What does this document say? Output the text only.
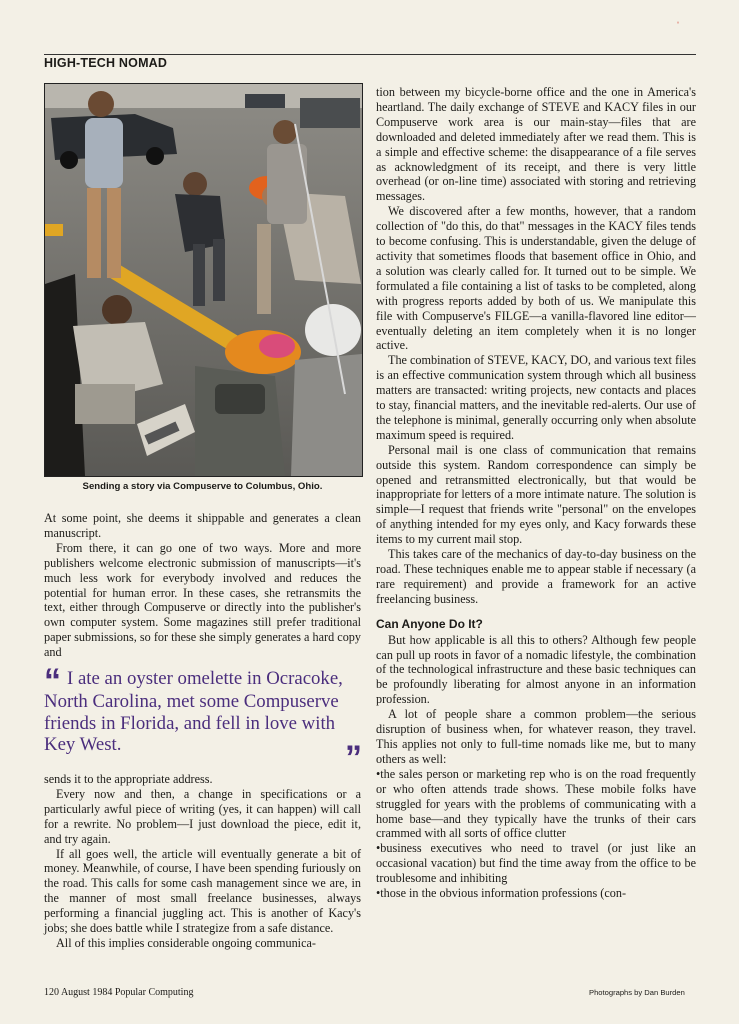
ˈ
HIGH-TECH NOMAD
Sending a story via Compuserve to Columbus, Ohio.

At some point, she deems it shippable and generates a clean manuscript.

From there, it can go one of two ways. More and more publishers welcome electronic submission of manuscripts—it's much less work for everybody involved and reduces the potential for human error. In these cases, she retransmits the text, either through Compuserve or directly into the publisher's own computer system. Some magazines still prefer traditional paper submissions, so for these she simply generates a hard copy and

“ I ate an oyster omelette in Ocracoke, North Carolina, met some Compuserve friends in Florida, and fell in love with Key West.	”

sends it to the appropriate address.

Every now and then, a change in specifications or a particularly awful piece of writing (yes, it can happen) will call for a rewrite. No problem—I just download the piece, edit it, and try again.

If all goes well, the article will eventually generate a bit of money. Meanwhile, of course, I have been spending furiously on the road. This calls for some cash management since we are, in the manner of most small freelance businesses, always performing a financial juggling act. This is another of Kacy's jobs; she does battle while I strategize from a safe distance.

All of this implies considerable ongoing communica-

tion between my bicycle-borne office and the one in America's heartland. The daily exchange of STEVE and KACY files in our Compuserve work area is our main-stay—files that are downloaded and deleted immediately after we read them. This is a simple and effective scheme: the disappearance of a file serves as acknowledgment of its receipt, and there is very little overhead (or on-line time) associated with storing and retrieving messages.

We discovered after a few months, however, that a random collection of "do this, do that" messages in the KACY files tends to become confusing. This is understandable, given the deluge of activity that sometimes floods that basement office in Ohio, and a solution was clearly called for. It turned out to be simple. We formulated a file containing a list of tasks to be completed, along with progress reports added by both of us. We manipulate this file with Compuserve's FILGE—a vanilla-flavored line editor—eventually deleting an item completely when it is no longer active.

The combination of STEVE, KACY, DO, and various text files is an effective communication system through which all business matters are transacted: writing projects, new contacts and places to stay, financial matters, and the inevitable red-alerts. Our use of the telephone is minimal, generally occurring only when absolute maximum speed is required.

Personal mail is one class of communication that remains outside this system. Random correspondence can simply be opened and retransmitted electronically, but that would be inappropriate for letters of a more intimate nature. The solution is simple—I request that friends write "personal" on the envelopes of anything intended for my eyes only, and Kacy forwards these items to my current mail stop.

This takes care of the mechanics of day-to-day business on the road. These techniques enable me to appear stable if necessary (a rare requirement) and provide a framework for an active freelancing business.

Can Anyone Do It?

But how applicable is all this to others? Although few people can pull up roots in favor of a nomadic lifestyle, the combination of the technological infrastructure and these basic techniques can be profoundly liberating for almost anyone in an information profession.

A lot of people share a common problem—the serious disruption of business when, for whatever reason, they travel. This applies not only to full-time nomads like me, but to many others as well:

•the sales person or marketing rep who is on the road frequently or who often attends trade shows. These mobile folks have struggled for years with the problems of communicating with a home base—and they typically have the trunks of their cars crammed with all sorts of office clutter

•business executives who need to travel (or just like an occasional vacation) but find the time away from the office to be troublesome and inhibiting

•those in the obvious information professions (con-

120 August 1984 Popular Computing	Photographs by Dan Burden
